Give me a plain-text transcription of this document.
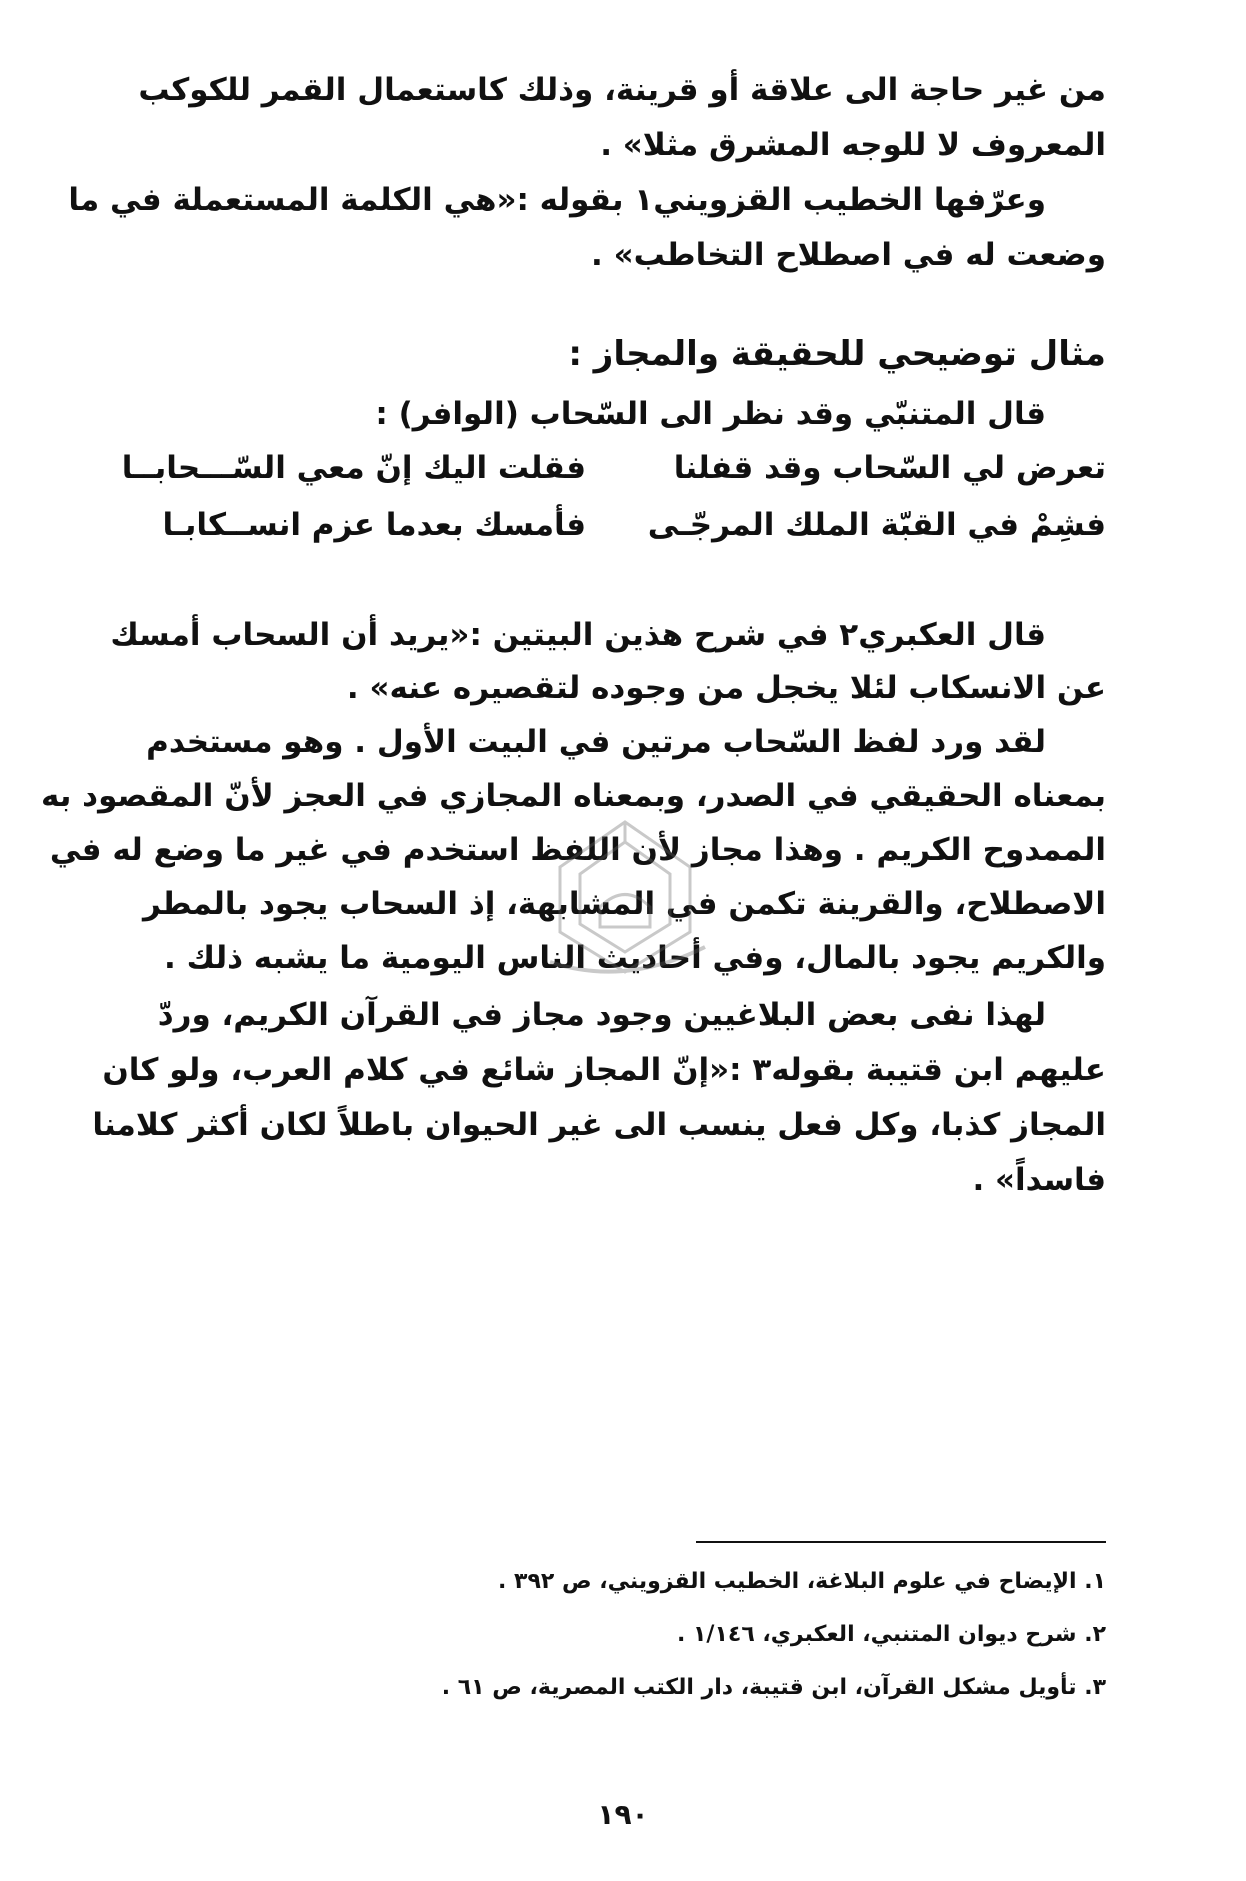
من غير حاجة الى علاقة أو قرينة، وذلك كاستعمال القمر للكوكب
المعروف لا للوجه المشرق مثلا» .
وعرّفها الخطيب القزويني١ بقوله :«هي الكلمة المستعملة في ما
وضعت له في اصطلاح التخاطب» .
مثال توضيحي للحقيقة والمجاز :
قال المتنبّي وقد نظر الى السّحاب (الوافر) :
تعرض لي السّحاب وقد قفلنا
فقلت اليك إنّ معي السّـــحابــا
فشِمْ في القبّة الملك المرجّـى
فأمسك بعدما عزم انســكابـا
قال العكبري٢ في شرح هذين البيتين :«يريد أن السحاب أمسك
عن الانسكاب لئلا يخجل من وجوده لتقصيره عنه» .
لقد ورد لفظ السّحاب مرتين في البيت الأول . وهو مستخدم
بمعناه الحقيقي في الصدر، وبمعناه المجازي في العجز لأنّ المقصود به
الممدوح الكريم . وهذا مجاز لأن اللفظ استخدم في غير ما وضع له في
الاصطلاح، والقرينة تكمن في المشابهة، إذ السحاب يجود بالمطر
والكريم يجود بالمال، وفي أحاديث الناس اليومية ما يشبه ذلك .
لهذا نفى بعض البلاغيين وجود مجاز في القرآن الكريم، وردّ
عليهم ابن قتيبة بقوله٣ :«إنّ المجاز شائع في كلام العرب، ولو كان
المجاز كذبا، وكل فعل ينسب الى غير الحيوان باطلاً لكان أكثر كلامنا
فاسداً» .
١. الإيضاح في علوم البلاغة، الخطيب القزويني، ص ٣٩٢ .
٢. شرح ديوان المتنبي، العكبري، ١/١٤٦ .
٣. تأويل مشكل القرآن، ابن قتيبة، دار الكتب المصرية، ص ٦١ .
١٩٠
